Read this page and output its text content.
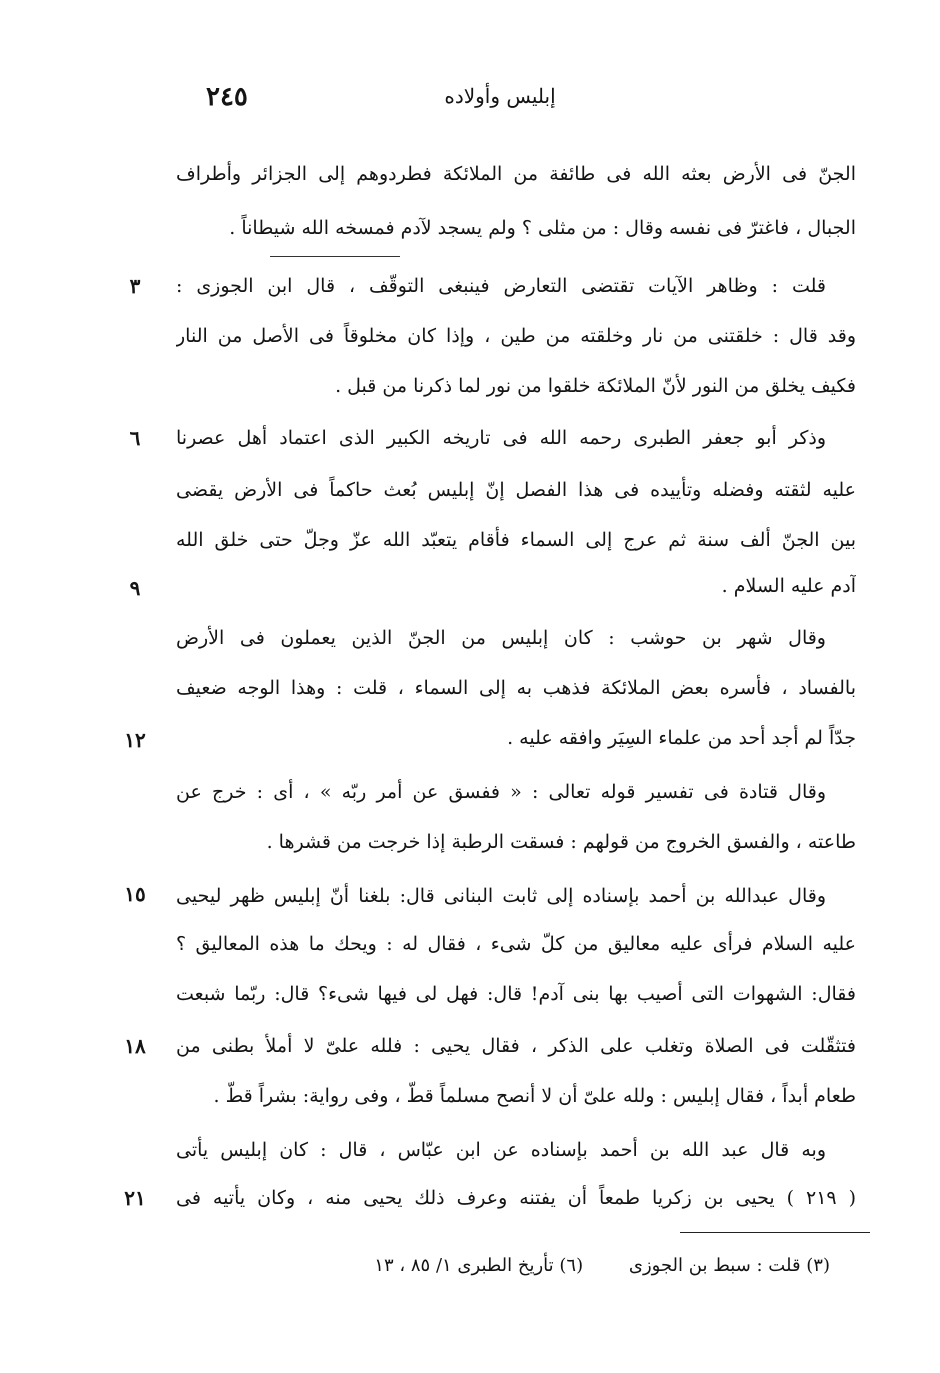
٢٤٥	إبليس وأولاده
الجنّ فى الأرض بعثه الله فى طائفة من الملائكة فطردوهم إلى الجزائر وأطراف
الجبال ، فاغترّ فى نفسه وقال : من مثلى ؟ ولم يسجد لآدم فمسخه الله شيطاناً .
قلت : وظاهر الآيات تقتضى التعارض فينبغى التوقّف ، قال ابن الجوزى :
وقد قال : خلقتنى من نار وخلقته من طين ، وإذا كان مخلوقاً فى الأصل من النار
فكيف يخلق من النور لأنّ الملائكة خلقوا من نور لما ذكرنا من قبل .
وذكر أبو جعفر الطبرى رحمه الله فى تاريخه الكبير الذى اعتماد أهل عصرنا
عليه لثقته وفضله وتأييده فى هذا الفصل إنّ إبليس بُعث حاكماً فى الأرض يقضى
بين الجنّ ألف سنة ثم عرج إلى السماء فأقام يتعبّد الله عزّ وجلّ حتى خلق الله
آدم عليه السلام .
وقال شهر بن حوشب : كان إبليس من الجنّ الذين يعملون فى الأرض
بالفساد ، فأسره بعض الملائكة فذهب به إلى السماء ، قلت : وهذا الوجه ضعيف
جدّاً لم أجد أحد من علماء السِيَر وافقه عليه .
وقال قتادة فى تفسير قوله تعالى : « ففسق عن أمر ربّه » ، أى : خرج عن
طاعته ، والفسق الخروج من قولهم : فسقت الرطبة إذا خرجت من قشرها .
وقال عبدالله بن أحمد بإسناده إلى ثابت البنانى قال: بلغنا أنّ إبليس ظهر ليحيى
عليه السلام فرأى عليه معاليق من كلّ شىء ، فقال له : ويحك ما هذه المعاليق ؟
فقال: الشهوات التى أصيب بها بنى آدم! قال: فهل لى فيها شىء؟ قال: ربّما شبعت
فتثقّلت فى الصلاة وتغلب على الذكر ، فقال يحيى : فلله علىّ لا أملأ بطنى من
طعام أبداً ، فقال إبليس : ولله علىّ أن لا أنصح مسلماً قطّ ، وفى رواية: بشراً قطّ .
وبه قال عبد الله بن أحمد بإسناده عن ابن عبّاس ، قال : كان إبليس يأتى
( ٢١٩ ) يحيى بن زكريا طمعاً أن يفتنه وعرف ذلك يحيى منه ، وكان يأتيه فى
٣
٦
٩
١٢
١٥
١٨
٢١
(٣) قلت : سبط بن الجوزى (٦) تأريخ الطبرى ١/ ٨٥ ، ١٣
